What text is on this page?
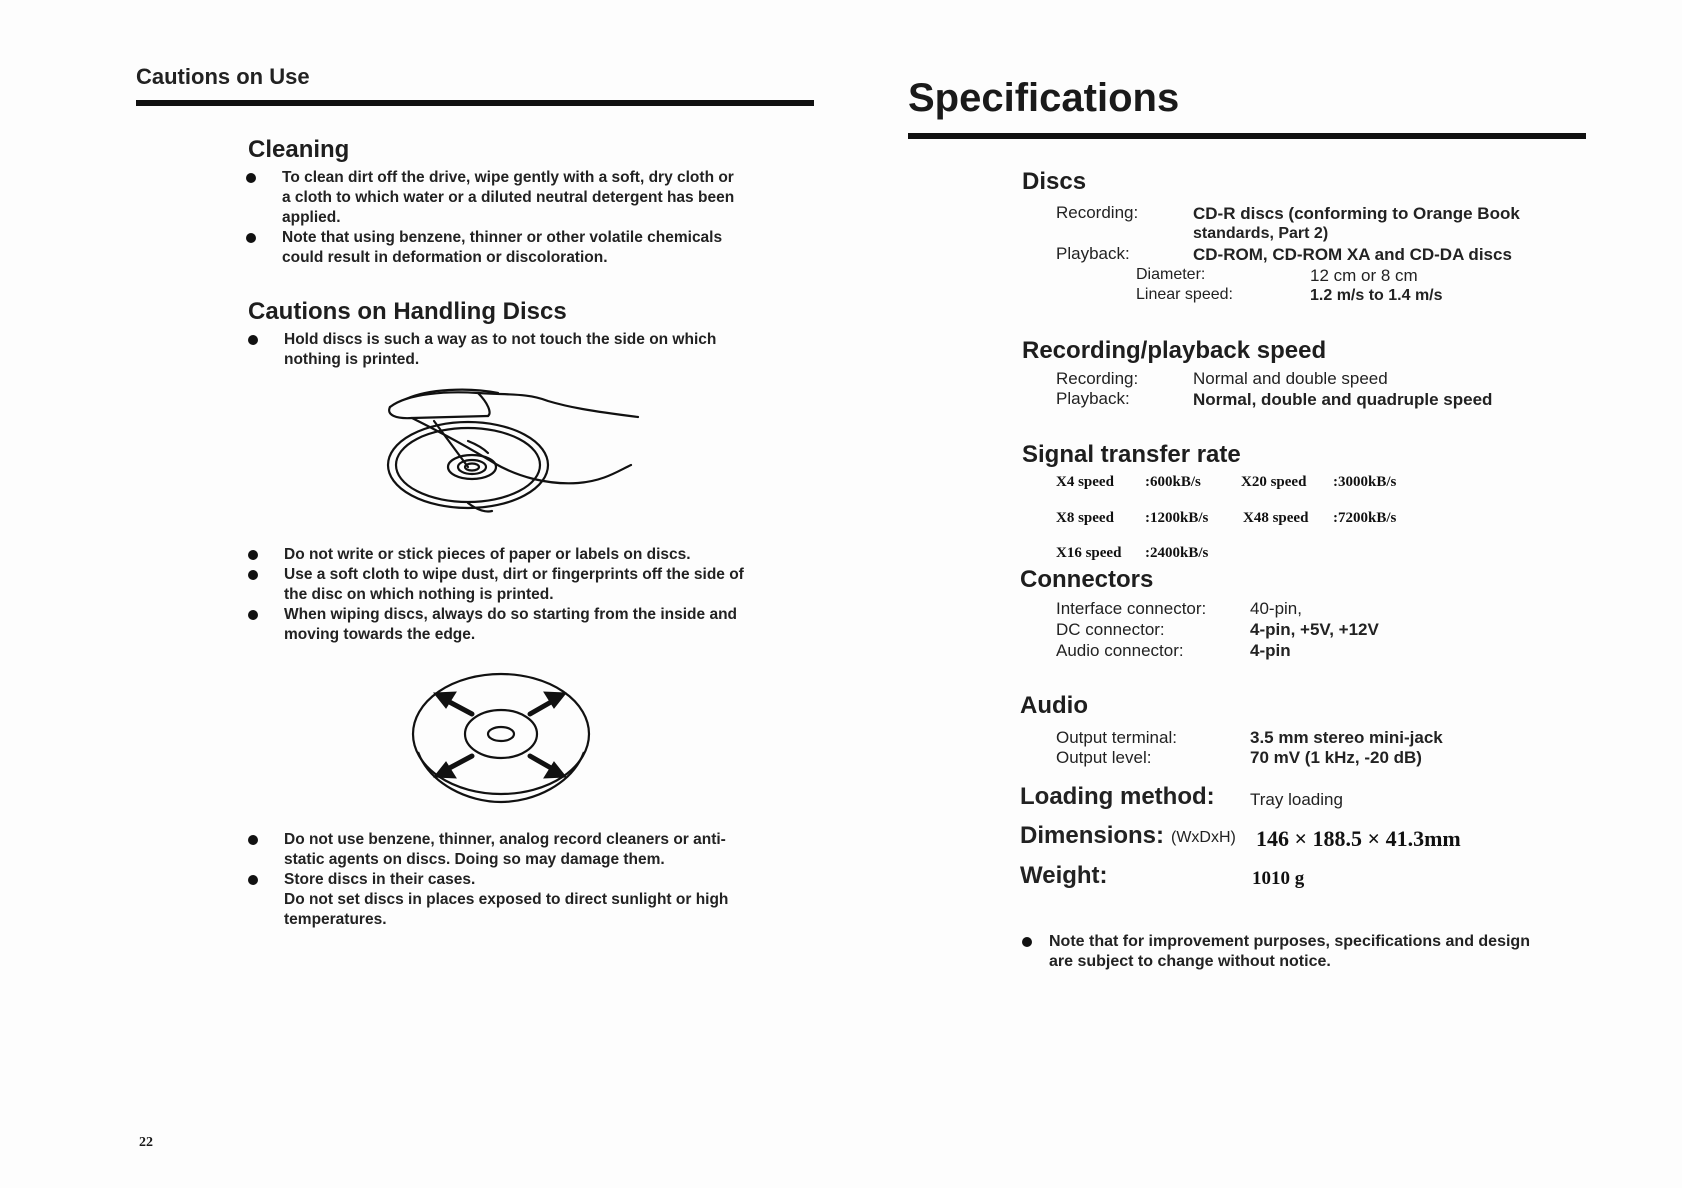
Cautions on Use
Cleaning

To clean dirt off the drive, wipe gently with a soft, dry cloth or

a cloth to which water or a diluted neutral detergent has been

applied.

Note that using benzene, thinner or other volatile chemicals

could result in deformation or discoloration.

Cautions on Handling Discs

Hold discs is such a way as to not touch the side on which

nothing is printed.

Do not write or stick pieces of paper or labels on discs.

Use a soft cloth to wipe dust, dirt or fingerprints off the side of

the disc on which nothing is printed.

When wiping discs, always do so starting from the inside and

moving towards the edge.

Do not use benzene, thinner, analog record cleaners or anti-

static agents on discs. Doing so may damage them.

Store discs in their cases.

Do not set discs in places exposed to direct sunlight or high

temperatures.

22
Specifications
Discs
Recording:	CD-R discs (conforming to Orange Book
standards, Part 2)
Playback:	CD-ROM, CD-ROM XA and CD-DA discs
Diameter:	12 cm or 8 cm
Linear speed:	1.2 m/s to 1.4 m/s
Recording/playback speed
Recording:	Normal and double speed
Playback:	Normal, double and quadruple speed
Signal transfer rate
X4 speed :600kB/s	X20 speed :3000kB/s
X8 speed :1200kB/s X48 speed :7200kB/s
X16 speed :2400kB/s
Connectors
Interface connector:	40-pin,
DC connector:	4-pin, +5V, +12V
Audio connector:	4-pin
Audio
Output terminal:	3.5 mm stereo mini-jack
Output level:	70 mV (1 kHz, -20 dB)
Loading method: Tray loading
Dimensions: (WxDxH) 146 × 188.5 × 41.3mm
Weight:	1010 g

Note that for improvement purposes, specifications and design

are subject to change without notice.
